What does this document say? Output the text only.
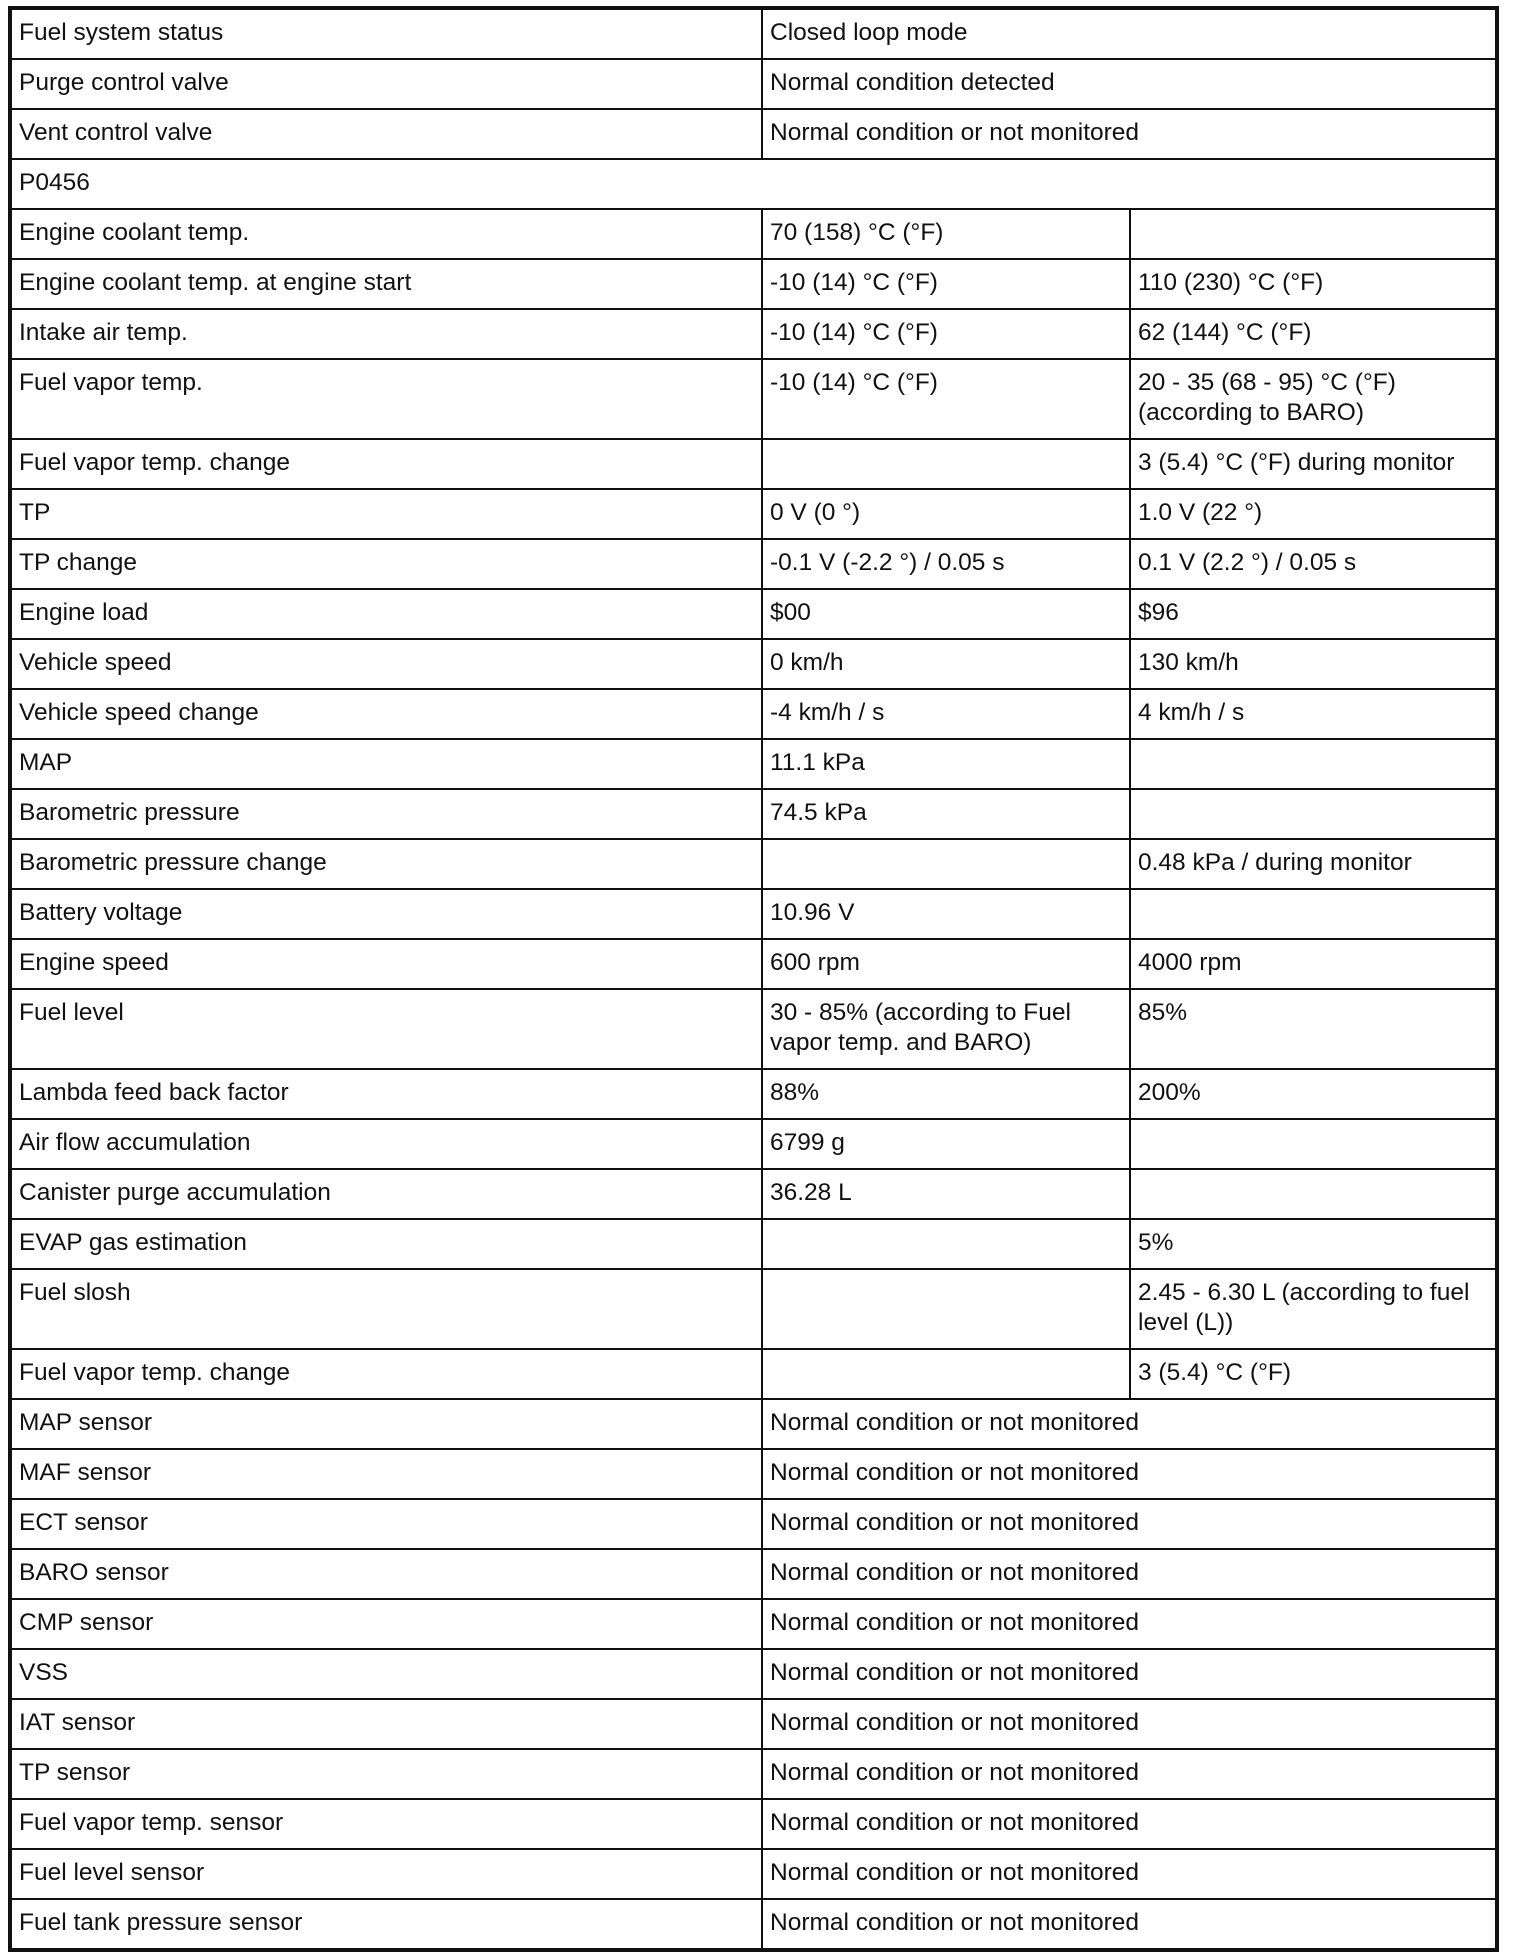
Fuel system status	Closed loop mode	
Purge control valve	Normal condition detected	
Vent control valve	Normal condition or not monitored	
P0456		
Engine coolant temp.	70 (158) °C (°F)	
Engine coolant temp. at engine start	-10 (14) °C (°F)	110 (230) °C (°F)
Intake air temp.	-10 (14) °C (°F)	62 (144) °C (°F)
Fuel vapor temp.	-10 (14) °C (°F)	20 - 35 (68 - 95) °C (°F) (according to BARO)
Fuel vapor temp. change		3 (5.4) °C (°F) during monitor
TP	0 V (0 °)	1.0 V (22 °)
TP change	-0.1 V (-2.2 °) / 0.05 s	0.1 V (2.2 °) / 0.05 s
Engine load	$00	$96
Vehicle speed	0 km/h	130 km/h
Vehicle speed change	-4 km/h / s	4 km/h / s
MAP	11.1 kPa	
Barometric pressure	74.5 kPa	
Barometric pressure change		0.48 kPa / during monitor
Battery voltage	10.96 V	
Engine speed	600 rpm	4000 rpm
Fuel level	30 - 85% (according to Fuel vapor temp. and BARO)	85%
Lambda feed back factor	88%	200%
Air flow accumulation	6799 g	
Canister purge accumulation	36.28 L	
EVAP gas estimation		5%
Fuel slosh		2.45 - 6.30 L (according to fuel level (L))
Fuel vapor temp. change		3 (5.4) °C (°F)
MAP sensor	Normal condition or not monitored	
MAF sensor	Normal condition or not monitored	
ECT sensor	Normal condition or not monitored	
BARO sensor	Normal condition or not monitored	
CMP sensor	Normal condition or not monitored	
VSS	Normal condition or not monitored	
IAT sensor	Normal condition or not monitored	
TP sensor	Normal condition or not monitored	
Fuel vapor temp. sensor	Normal condition or not monitored	
Fuel level sensor	Normal condition or not monitored	
Fuel tank pressure sensor	Normal condition or not monitored	
